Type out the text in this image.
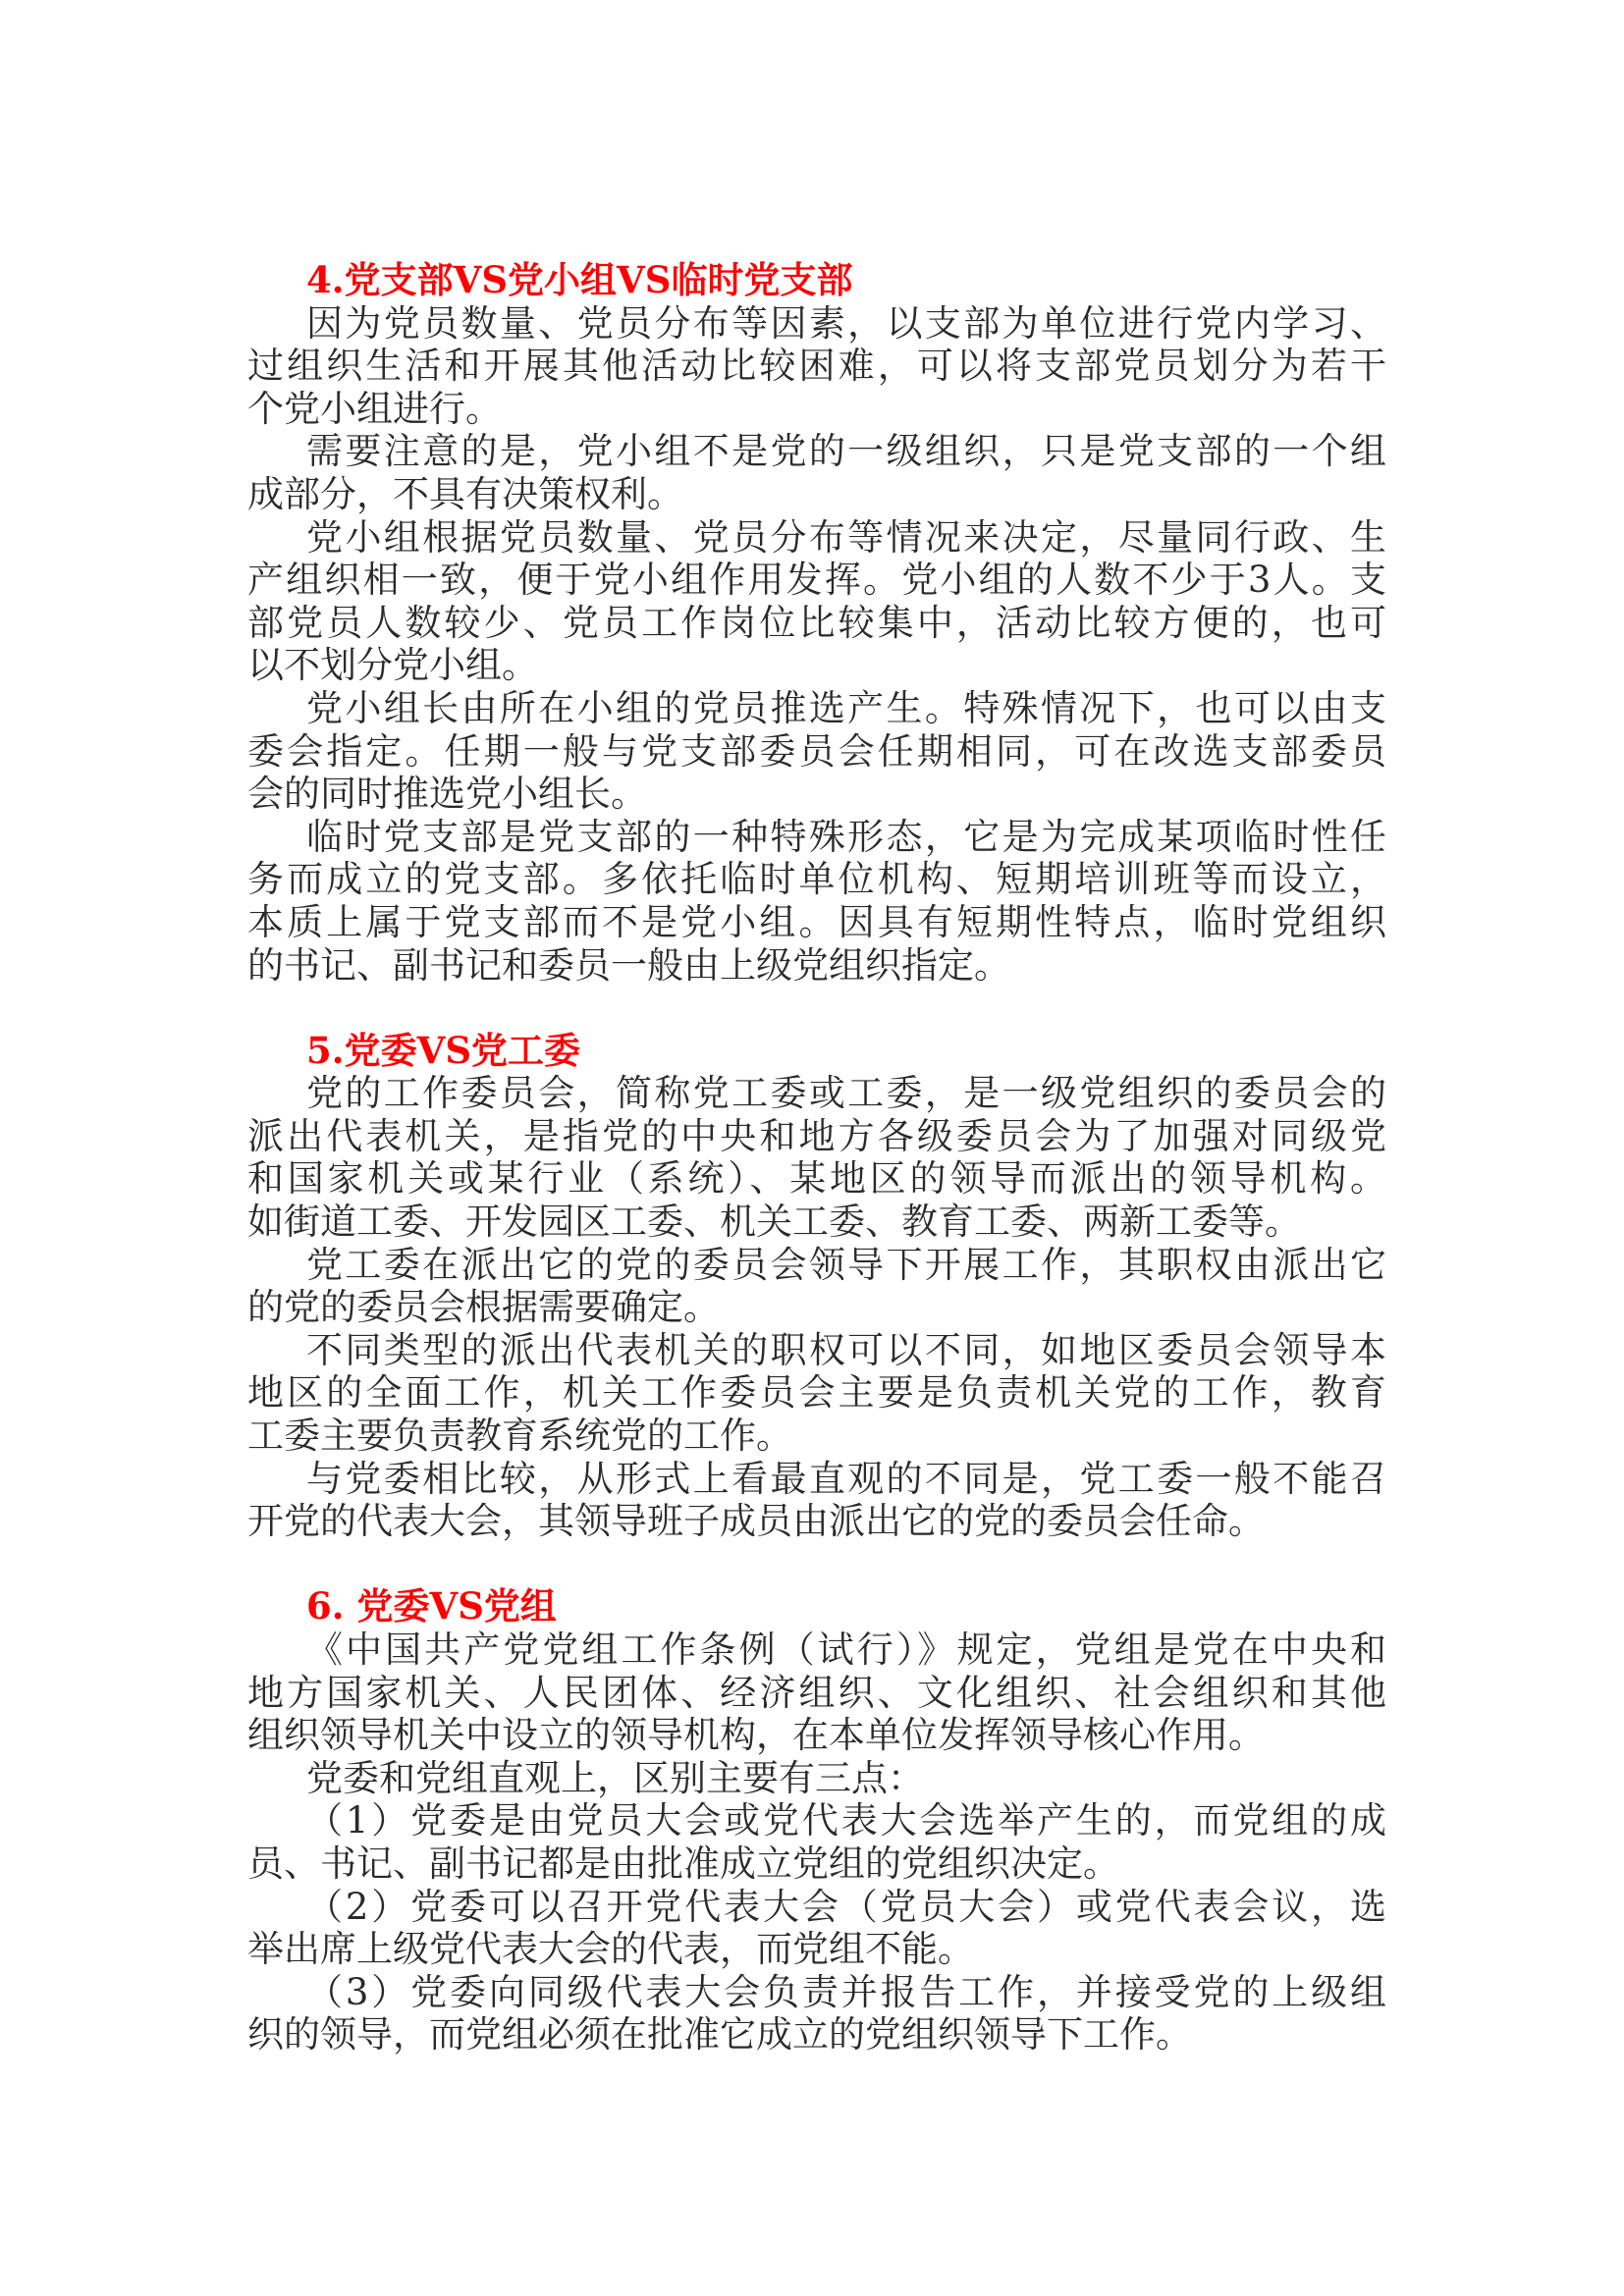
4.党支部VS党小组VS临时党支部
因为党员数量、党员分布等因素，以支部为单位进行党内学习、
过组织生活和开展其他活动比较困难，可以将支部党员划分为若干
个党小组进行。
需要注意的是，党小组不是党的一级组织，只是党支部的一个组
成部分，不具有决策权利。
党小组根据党员数量、党员分布等情况来决定，尽量同行政、生
产组织相一致，便于党小组作用发挥。党小组的人数不少于3人。支
部党员人数较少、党员工作岗位比较集中，活动比较方便的，也可
以不划分党小组。
党小组长由所在小组的党员推选产生。特殊情况下，也可以由支
委会指定。任期一般与党支部委员会任期相同，可在改选支部委员
会的同时推选党小组长。
临时党支部是党支部的一种特殊形态，它是为完成某项临时性任
务而成立的党支部。多依托临时单位机构、短期培训班等而设立，
本质上属于党支部而不是党小组。因具有短期性特点，临时党组织
的书记、副书记和委员一般由上级党组织指定。
5.党委VS党工委
党的工作委员会，简称党工委或工委，是一级党组织的委员会的
派出代表机关，是指党的中央和地方各级委员会为了加强对同级党
和国家机关或某行业（系统）、某地区的领导而派出的领导机构。
如街道工委、开发园区工委、机关工委、教育工委、两新工委等。
党工委在派出它的党的委员会领导下开展工作，其职权由派出它
的党的委员会根据需要确定。
不同类型的派出代表机关的职权可以不同，如地区委员会领导本
地区的全面工作，机关工作委员会主要是负责机关党的工作，教育
工委主要负责教育系统党的工作。
与党委相比较，从形式上看最直观的不同是，党工委一般不能召
开党的代表大会，其领导班子成员由派出它的党的委员会任命。
6. 党委VS党组
《中国共产党党组工作条例（试行）》规定，党组是党在中央和
地方国家机关、人民团体、经济组织、文化组织、社会组织和其他
组织领导机关中设立的领导机构，在本单位发挥领导核心作用。
党委和党组直观上，区别主要有三点：
（1）党委是由党员大会或党代表大会选举产生的，而党组的成
员、书记、副书记都是由批准成立党组的党组织决定。
（2）党委可以召开党代表大会（党员大会）或党代表会议，选
举出席上级党代表大会的代表，而党组不能。
（3）党委向同级代表大会负责并报告工作，并接受党的上级组
织的领导，而党组必须在批准它成立的党组织领导下工作。
